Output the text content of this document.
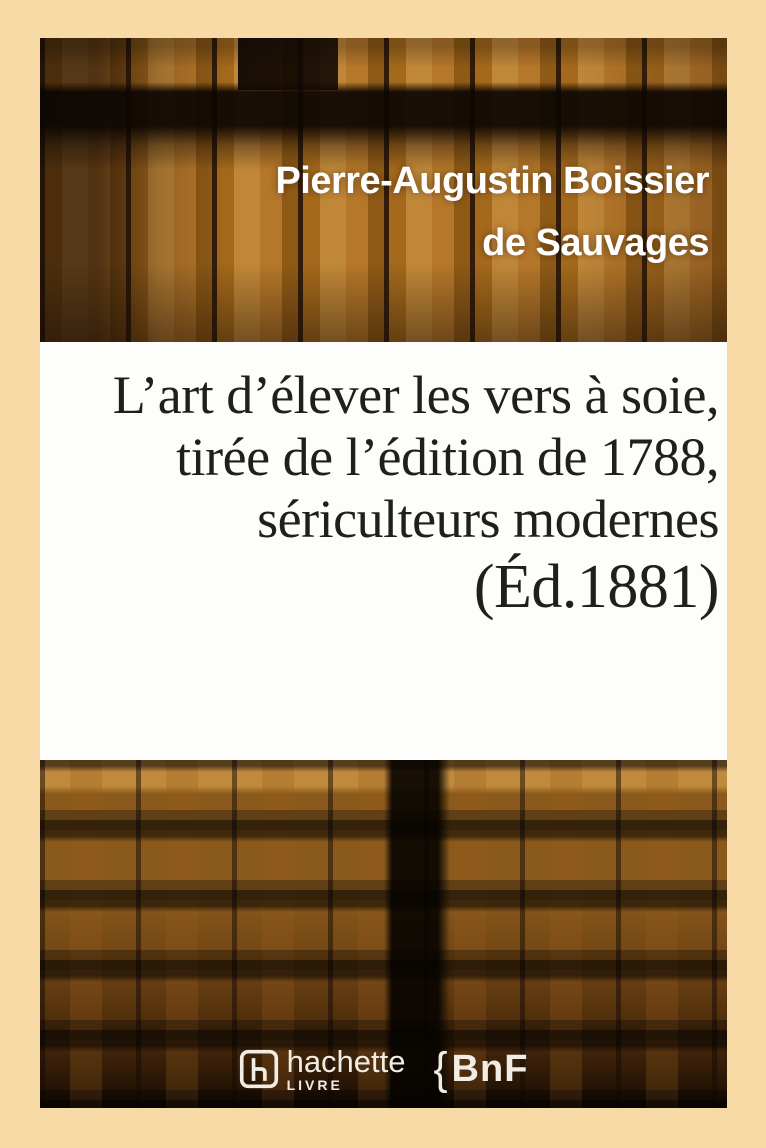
Pierre-Augustin Boissier
de Sauvages
L’art d’élever les vers à soie,
tirée de l’édition de 1788,
sériculteurs modernes
(Éd.1881)
hachette
LIVRE	{ BnF
